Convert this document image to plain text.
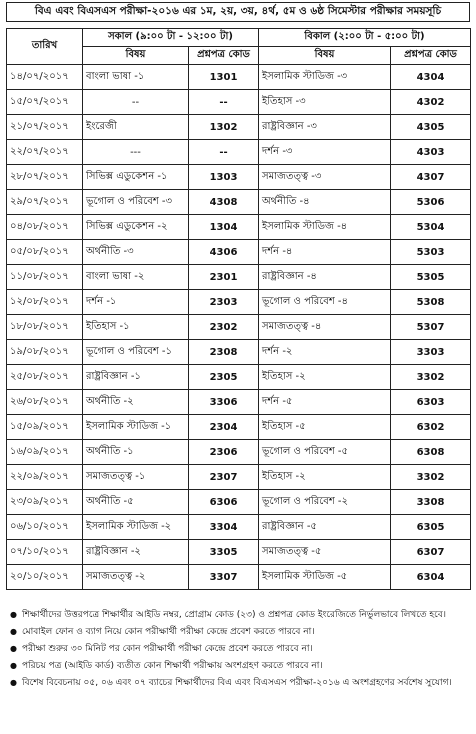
বিএ এবং বিএসএস পরীক্ষা-২০১৬ এর ১ম, ২য়, ৩য়, ৪র্থ, ৫ম ও ৬ষ্ঠ সিমেস্টার পরীক্ষার সময়সূচি
তারিখ	সকাল (৯:০০ টা - ১২:০০ টা)		বিকাল (২:০০ টা - ৫:০০ টা)	
	বিষয়	প্রশ্নপত্র কোড	বিষয়	প্রশ্নপত্র কোড
১৪/০৭/২০১৭	বাংলা ভাষা -১	1301	ইসলামিক স্টাডিজ -৩	4304
১৫/০৭/২০১৭	--	--	ইতিহাস -৩	4302
২১/০৭/২০১৭	ইংরেজী	1302	রাষ্ট্রবিজ্ঞান -৩	4305
২২/০৭/২০১৭	---	--	দর্শন -৩	4303
২৮/০৭/২০১৭	সিভিক্স এডুকেশন -১	1303	সমাজতত্ত্ব -৩	4307
২৯/০৭/২০১৭	ভূগোল ও পরিবেশ -৩	4308	অর্থনীতি -৪	5306
০৪/০৮/২০১৭	সিভিক্স এডুকেশন -২	1304	ইসলামিক স্টাডিজ -৪	5304
০৫/০৮/২০১৭	অর্থনীতি -৩	4306	দর্শন -৪	5303
১১/০৮/২০১৭	বাংলা ভাষা -২	2301	রাষ্ট্রবিজ্ঞান -৪	5305
১২/০৮/২০১৭	দর্শন -১	2303	ভূগোল ও পরিবেশ -৪	5308
১৮/০৮/২০১৭	ইতিহাস -১	2302	সমাজতত্ত্ব -৪	5307
১৯/০৮/২০১৭	ভূগোল ও পরিবেশ -১	2308	দর্শন -২	3303
২৫/০৮/২০১৭	রাষ্ট্রবিজ্ঞান -১	2305	ইতিহাস -২	3302
২৬/০৮/২০১৭	অর্থনীতি -২	3306	দর্শন -৫	6303
১৫/০৯/২০১৭	ইসলামিক স্টাডিজ -১	2304	ইতিহাস -৫	6302
১৬/০৯/২০১৭	অর্থনীতি -১	2306	ভূগোল ও পরিবেশ -৫	6308
২২/০৯/২০১৭	সমাজতত্ত্ব -১	2307	ইতিহাস -২	3302
২৩/০৯/২০১৭	অর্থনীতি -৫	6306	ভূগোল ও পরিবেশ -২	3308
০৬/১০/২০১৭	ইসলামিক স্টাডিজ -২	3304	রাষ্ট্রবিজ্ঞান -৫	6305
০৭/১০/২০১৭	রাষ্ট্রবিজ্ঞান -২	3305	সমাজতত্ত্ব -৫	6307
২০/১০/২০১৭	সমাজতত্ত্ব -২	3307	ইসলামিক স্টাডিজ -৫	6304
● শিক্ষার্থীদের উত্তরপত্রে শিক্ষার্থীর আইডি নম্বর, প্রোগ্রাম কোড (২৩) ও প্রশ্নপত্র কোড ইংরেজিতে নির্ভুলভাবে লিখতে হবে।
● মোবাইল ফোন ও ব্যাগ নিয়ে কোন পরীক্ষার্থী পরীক্ষা কেন্দ্রে প্রবেশ করতে পারবে না।
● পরীক্ষা শুরুর ৩০ মিনিট পর কোন পরীক্ষার্থী পরীক্ষা কেন্দ্রে প্রবেশ করতে পারবে না।
● পরিচয় পত্র (আইডি কার্ড) ব্যতীত কোন শিক্ষার্থী পরীক্ষায় অংশগ্রহণ করতে পারবে না।
● বিশেষ বিবেচনায় ০৫, ০৬ এবং ০৭ ব্যাচের শিক্ষার্থীদের বিএ এবং বিএসএস পরীক্ষা-২০১৬ এ অংশগ্রহণের সর্বশেষ সুযোগ।
